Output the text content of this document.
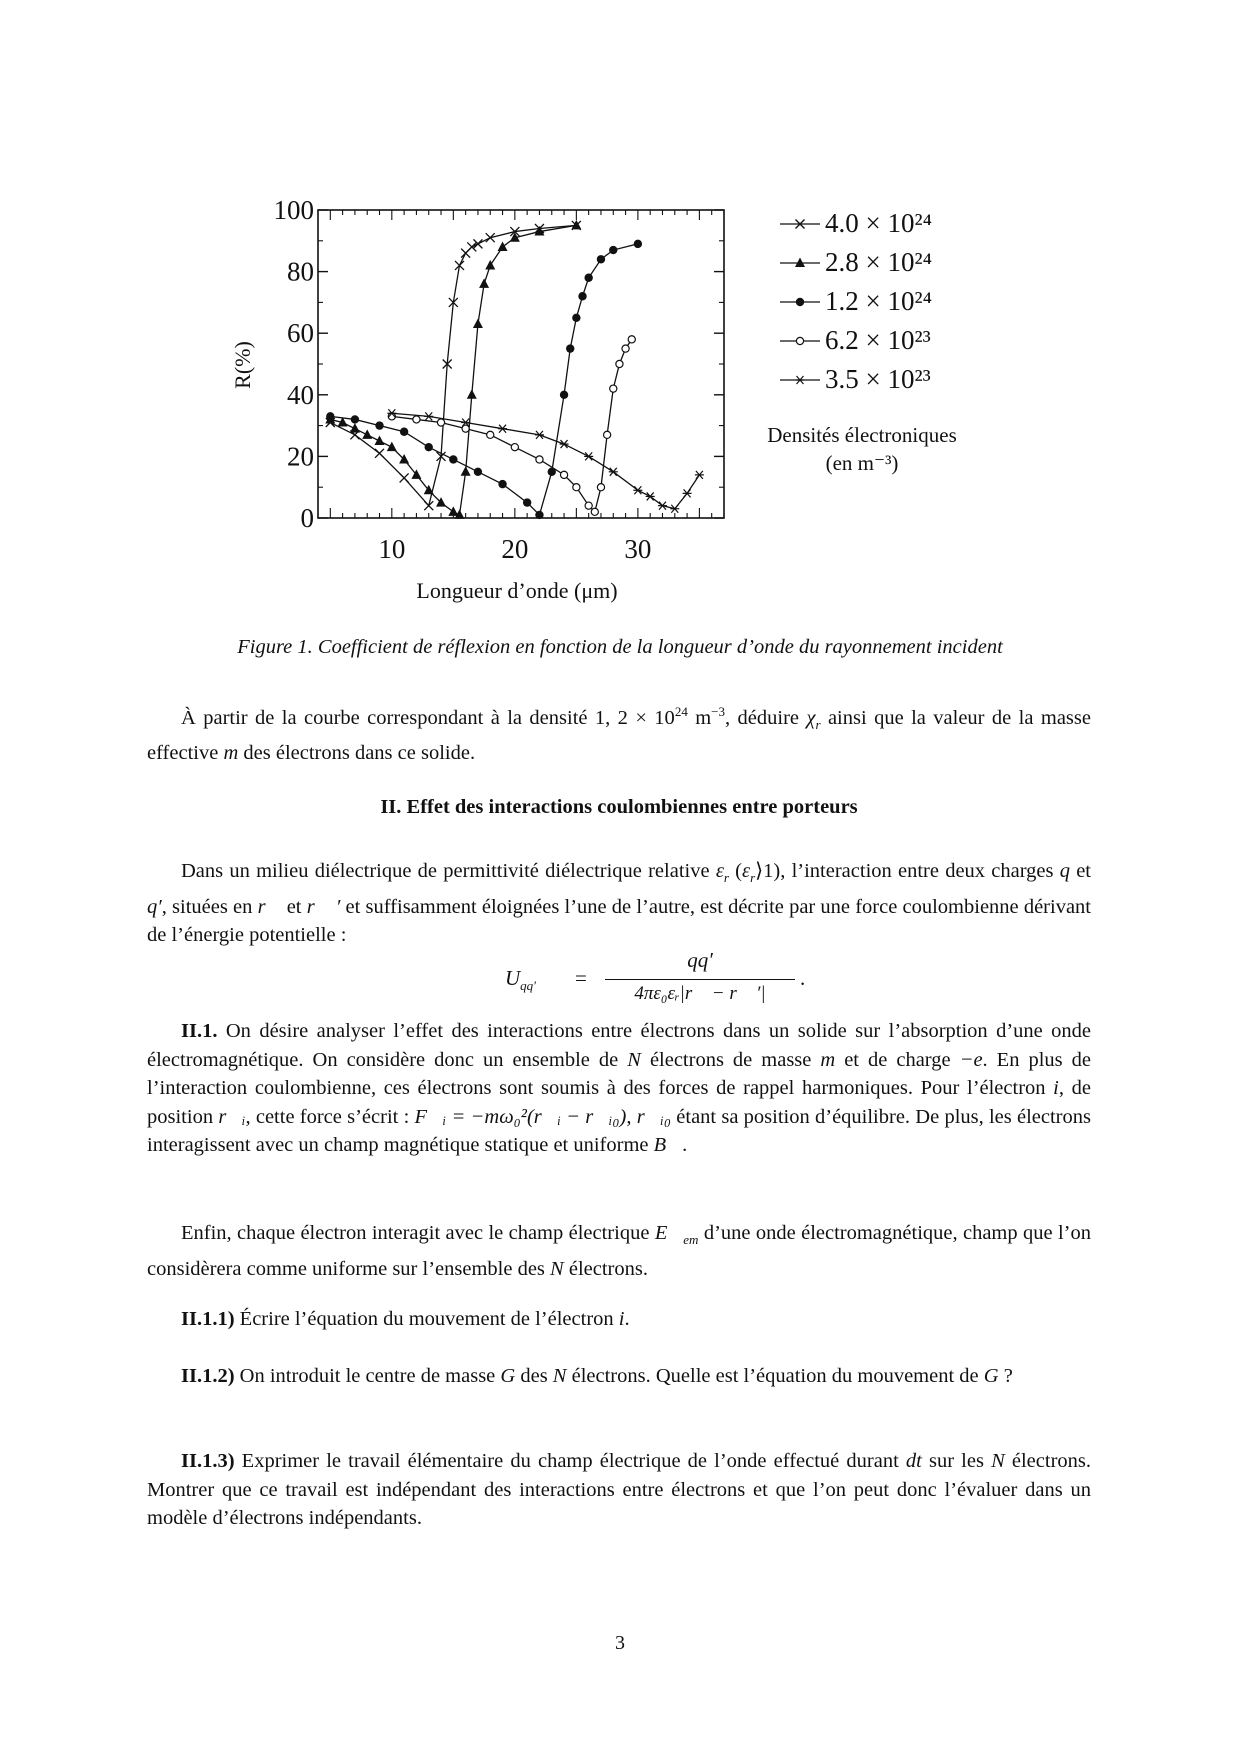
0
20
40
60
80
100
10	20	30
4.0 × 10²⁴
2.8 × 10²⁴
1.2 × 10²⁴
6.2 × 10²³
3.5 × 10²³
R(%)
Longueur d’onde (μm)
Densités électroniques
(en m⁻³)
Figure 1. Coefficient de réflexion en fonction de la longueur d’onde du rayonnement incident
À partir de la courbe correspondant à la densité 1, $2 \times 10^{24}$ $m^{-3}$, déduire $\chi_r$ ainsi que la valeur de la masse effective m des électrons dans ce solide.
II. Effet des interactions coulombiennes entre porteurs
Dans un milieu diélectrique de permittivité diélectrique relative $\varepsilon_r$ $(\varepsilon_r⟩1)$, l’interaction entre deux charges q et q′, situées en r⃗ et r⃗ ′ et suffisamment éloignées l’une de l’autre, est décrite par une force coulombienne dérivant de l’énergie potentielle :
$U_{qq'}$ =
qq′
4πε₀εᵣ|r⃗ − r⃗ ′|
.
II.1. On désire analyser l’effet des interactions entre électrons dans un solide sur l’absorption d’une onde électromagnétique. On considère donc un ensemble de N électrons de masse m et de charge −e. En plus de l’interaction coulombienne, ces électrons sont soumis à des forces de rappel harmoniques. Pour l’électron i, de position r⃗ᵢ, cette force s’écrit : F⃗ᵢ = −mω₀²(r⃗ᵢ − r⃗ᵢ₀), r⃗ᵢ₀ étant sa position d’équilibre. De plus, les électrons interagissent avec un champ magnétique statique et uniforme B⃗.
Enfin, chaque électron interagit avec le champ électrique $E⃗_{em}$ d’une onde électromagnétique, champ que l’on considèrera comme uniforme sur l’ensemble des N électrons.
II.1.1) Écrire l’équation du mouvement de l’électron i.
II.1.2) On introduit le centre de masse G des N électrons. Quelle est l’équation du mouvement de G ?
II.1.3) Exprimer le travail élémentaire du champ électrique de l’onde effectué durant dt sur les N électrons. Montrer que ce travail est indépendant des interactions entre électrons et que l’on peut donc l’évaluer dans un modèle d’électrons indépendants.
3
